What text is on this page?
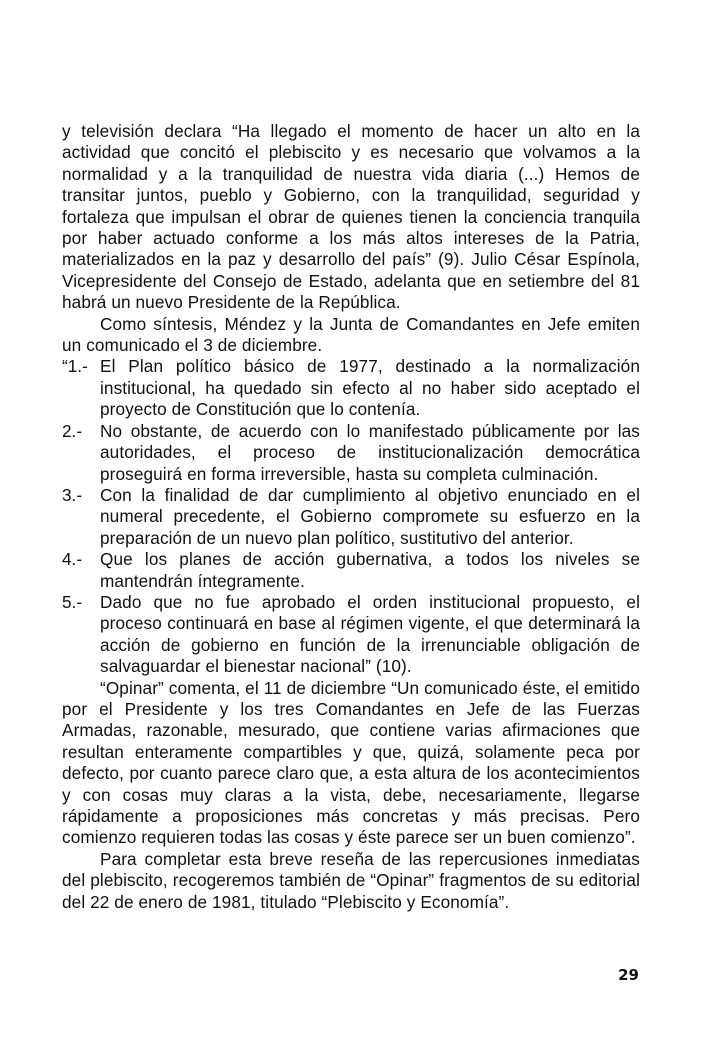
y televisión declara “Ha llegado el momento de hacer un alto en la actividad que concitó el plebiscito y es necesario que volvamos a la normalidad y a la tranquilidad de nuestra vida diaria (...) Hemos de transitar juntos, pueblo y Gobierno, con la tranquilidad, seguridad y fortaleza que impulsan el obrar de quienes tienen la conciencia tranquila por haber actuado conforme a los más altos intereses de la Patria, materializados en la paz y desarrollo del país” (9). Julio César Espínola, Vicepresidente del Consejo de Estado, adelanta que en setiembre del 81 habrá un nuevo Presidente de la República.

Como síntesis, Méndez y la Junta de Comandantes en Jefe emiten un comunicado el 3 de diciembre.

“1.- El Plan político básico de 1977, destinado a la normalización institucional, ha quedado sin efecto al no haber sido aceptado el proyecto de Constitución que lo contenía.
2.-	No obstante, de acuerdo con lo manifestado públicamente por las autoridades, el proceso de institucionalización democrática proseguirá en forma irreversible, hasta su completa culminación.
3.-	Con la finalidad de dar cumplimiento al objetivo enunciado en el numeral precedente, el Gobierno compromete su esfuerzo en la preparación de un nuevo plan político, sustitutivo del anterior.
4.-	Que los planes de acción gubernativa, a todos los niveles se mantendrán íntegramente.
5.-	Dado que no fue aprobado el orden institucional propuesto, el proceso continuará en base al régimen vigente, el que determinará la acción de gobierno en función de la irrenunciable obligación de salvaguardar el bienestar nacional” (10).

“Opinar” comenta, el 11 de diciembre “Un comunicado éste, el emitido por el Presidente y los tres Comandantes en Jefe de las Fuerzas Armadas, razonable, mesurado, que contiene varias afirmaciones que resultan enteramente compartibles y que, quizá, solamente peca por defecto, por cuanto parece claro que, a esta altura de los acontecimientos y con cosas muy claras a la vista, debe, necesariamente, llegarse rápidamente a proposiciones más concretas y más precisas. Pero comienzo requieren todas las cosas y éste parece ser un buen comienzo”.

Para completar esta breve reseña de las repercusiones inmediatas del plebiscito, recogeremos también de “Opinar” fragmentos de su editorial del 22 de enero de 1981, titulado “Plebiscito y Economía”.

29
